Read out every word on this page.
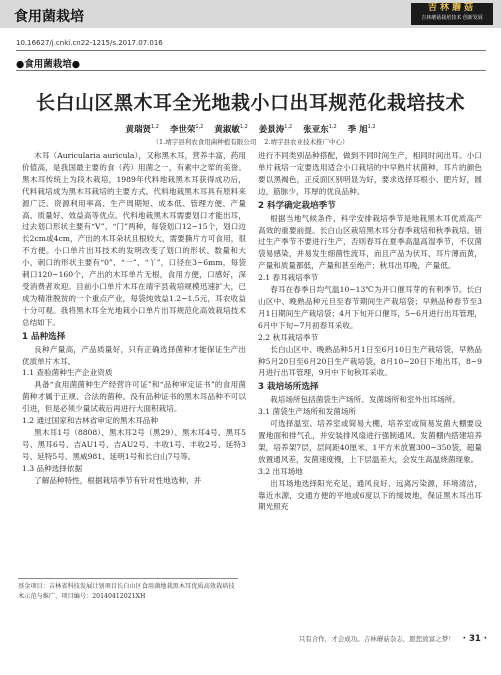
食用菌栽培
吉林蘑菇
吉林蘑菇栽培技术 创新发展
10.16627/j.cnki.cn22-1215/s.2017.07.016
●食用菌栽培●
长白山区黑木耳全光地栽小口出耳规范化栽培技术
黄瑞贤$^{1,2}$ 李世荣$^{1,2}$ 黄淑敏$^{1,2}$ 姜景涛$^{1,2}$ 张亚东$^{1,2}$ 季 旭$^{1,2}$
（1.靖宇县利农食用菌种植有限公司 2.靖宇县农业技术推广中心）

木耳（Auricularia auricula），又称黑木耳，营养丰富，药用价值高，是我国最主要的食（药）用菌之一，有素中之荤的美誉。黑木耳传统上为段木栽培，1989年代料地栽黑木耳获得成功后，代料栽培成为黑木耳栽培的主要方式。代料地栽黑木耳具有原料来源广泛、资源利用率高、生产周期短、成本低、管理方便、产量高、质量好、效益高等优点。代料地栽黑木耳需要划口才能出耳，过去划口形状主要有“V”、“门”两种，每袋划口12~15个，划口边长2cm或4cm，产出的木耳朵状且根较大，需要撕片方可食用，很不方便。小口单片出耳技术的发明改变了划口的形状、数量和大小，刺口的形状主要有“0”、“一”、“丫”，口径在3~6mm，每袋刺口120~160个，产出的木耳单片无根，食用方便，口感好，深受消费者欢迎。目前小口单片木耳在靖宇县栽培规模迅速扩大，已成为精准脱贫的一个重点产业，每袋纯效益1.2~1.5元，耳农收益十分可观。我将黑木耳全光地栽小口单片出耳规范化高效栽培技术总结如下。

1 品种选择

良种产量高，产品质量好，只有正确选择菌种才能保证生产出优质单片木耳。

1.1 查验菌种生产企业资质

具备“食用菌菌种生产经营许可证”和“品种审定证书”的食用菌菌种才属于正规、合法的菌种。没有品种证书的黑木耳品种不可以引进，但是必须少量试栽后再进行大面积栽培。

1.2 通过国家和吉林省审定的黑木耳品种

黑木耳1号（8808）、黑木耳2号（黑29）、黑木耳4号、黑耳5号、黑耳6号、吉AU1号、吉AU2号、丰收1号、丰收2号、延特3号、延特5号、黑威981、延明1号和长白山7号等。

1.3 品种选择依据

了解品种特性，根据栽培季节有针对性地选种，并

进行不同类别品种搭配，做到不同时间生产，相同时间出耳。小口单片栽培一定要选用适合小口栽培的中早熟片状菌种，耳片的颜色要以黑褐色，正反面区别明显为好，要求选择耳根小、肥片好，圆边，筋脉少，耳厚的优良品种。

2 科学确定栽培季节

根据当地气候条件，科学安排栽培季节是地栽黑木耳优质高产高效的重要前提。长白山区栽培黑木耳分春季栽培和秋季栽培。错过生产季节不要进行生产，否则春耳在夏季高温高湿季节，不仅菌袋易感染，并易发生细菌性流耳，而且产品为伏耳，耳片薄而黄，产量和质量都低，产量和甚至绝产；秋耳出耳晚，产量低。

2.1 春耳栽培季节

春耳在春季日均气温10~13℃为开口催耳芽的有利季节。长白山区中、晚熟品种元旦至春节期间生产栽培袋；早熟品种春节至3月1日期间生产栽培袋；4月下旬开口催耳，5~6月进行出耳管理，6月中下旬~7月初春耳采收。

2.2 秋耳栽培季节

长白山区中、晚熟品种5月1日至6月10日生产栽培袋，早熟品种5月20日至6月20日生产栽培袋，8月10~20日下地出耳，8~9月进行出耳管理，9月中下旬秋耳采收。

3 栽培场所选择

栽培场所包括菌袋生产场所、发菌场所和室外出耳场所。

3.1 菌袋生产场所和发菌场所

可选择温室、培养室或简易大棚，培养室或简易发菌大棚要设置地面和排气孔，并安装排风扇进行强制通风。发菌棚内搭建培养架，培养架7层，层间距40厘米，1平方米放置300~350袋，超量放置通风差，发菌速度慢，上下层温差大，会发生高温烧菌现象。

3.2 出耳场地

出耳场地选择阳光充足、通风良好、远离污染源，环境清洁，靠近水源，交通方便的平地或6度以下的缓坡地，保证黑木耳出耳期光照充

基金项目：吉林省科技发展计划项目长白山区食用菌地栽黑木耳优质高效栽培技术示范与推广，项目编号：20140412021XH

只有合作，才会成功。吉林蘑菇杂志，愿您致富之梦！ · 31 ·
